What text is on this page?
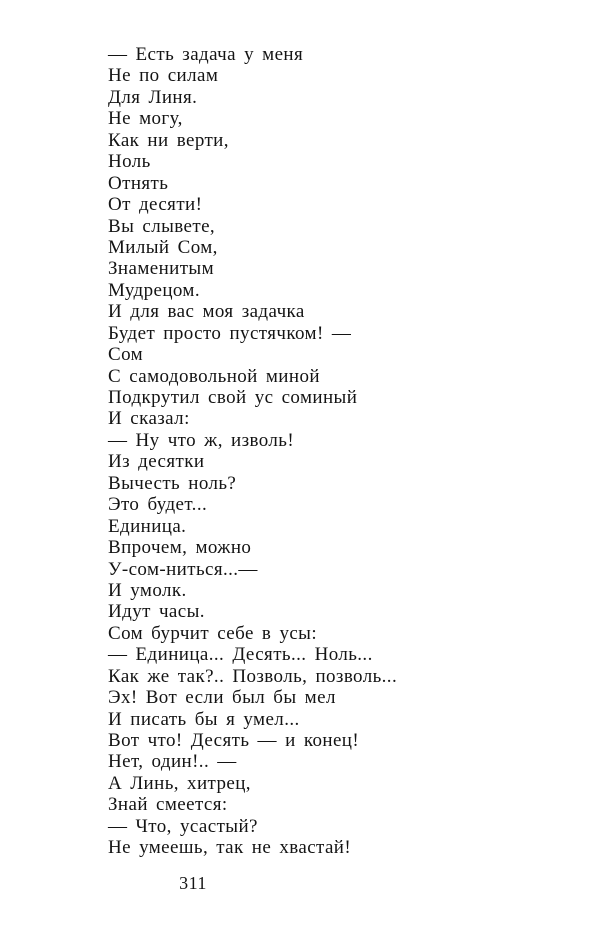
— Есть задача у меня
Не по силам
Для Линя.
Не могу,
Как ни верти,
Ноль
Отнять
От десяти!
Вы слывете,
Милый Сом,
Знаменитым
Мудрецом.
И для вас моя задачка
Будет просто пустячком! —
Сом
С самодовольной миной
Подкрутил свой ус соминый
И сказал:
— Ну что ж, изволь!
Из десятки
Вычесть ноль?
Это будет...
Единица.
Впрочем, можно
У-сом-ниться...—
И умолк.
Идут часы.
Сом бурчит себе в усы:
— Единица... Десять... Ноль...
Как же так?.. Позволь, позволь...
Эх! Вот если был бы мел
И писать бы я умел...
Вот что! Десять — и конец!
Нет, один!.. —
А Линь, хитрец,
Знай смеется:
— Что, усастый?
Не умеешь, так не хвастай!
311
